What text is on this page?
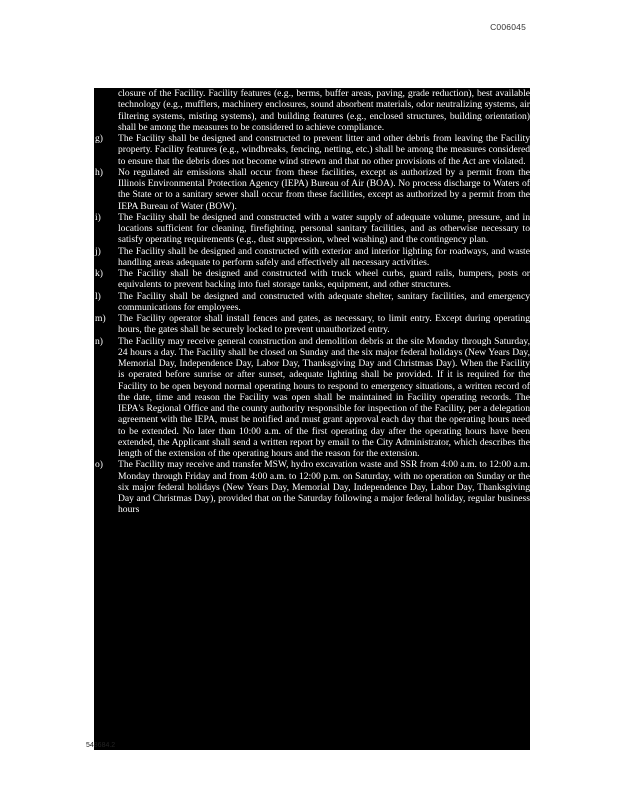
C006045
closure of the Facility. Facility features (e.g., berms, buffer areas, paving, grade reduction), best available technology (e.g., mufflers, machinery enclosures, sound absorbent materials, odor neutralizing systems, air filtering systems, misting systems), and building features (e.g., enclosed structures, building orientation) shall be among the measures to be considered to achieve compliance.
g) The Facility shall be designed and constructed to prevent litter and other debris from leaving the Facility property. Facility features (e.g., windbreaks, fencing, netting, etc.) shall be among the measures considered to ensure that the debris does not become wind strewn and that no other provisions of the Act are violated.
h) No regulated air emissions shall occur from these facilities, except as authorized by a permit from the Illinois Environmental Protection Agency (IEPA) Bureau of Air (BOA). No process discharge to Waters of the State or to a sanitary sewer shall occur from these facilities, except as authorized by a permit from the IEPA Bureau of Water (BOW).
i) The Facility shall be designed and constructed with a water supply of adequate volume, pressure, and in locations sufficient for cleaning, firefighting, personal sanitary facilities, and as otherwise necessary to satisfy operating requirements (e.g., dust suppression, wheel washing) and the contingency plan.
j) The Facility shall be designed and constructed with exterior and interior lighting for roadways, and waste handling areas adequate to perform safely and effectively all necessary activities.
k) The Facility shall be designed and constructed with truck wheel curbs, guard rails, bumpers, posts or equivalents to prevent backing into fuel storage tanks, equipment, and other structures.
l) The Facility shall be designed and constructed with adequate shelter, sanitary facilities, and emergency communications for employees.
m) The Facility operator shall install fences and gates, as necessary, to limit entry. Except during operating hours, the gates shall be securely locked to prevent unauthorized entry.
n) The Facility may receive general construction and demolition debris at the site Monday through Saturday, 24 hours a day. The Facility shall be closed on Sunday and the six major federal holidays (New Years Day, Memorial Day, Independence Day, Labor Day, Thanksgiving Day and Christmas Day). When the Facility is operated before sunrise or after sunset, adequate lighting shall be provided. If it is required for the Facility to be open beyond normal operating hours to respond to emergency situations, a written record of the date, time and reason the Facility was open shall be maintained in Facility operating records. The IEPA's Regional Office and the county authority responsible for inspection of the Facility, per a delegation agreement with the IEPA, must be notified and must grant approval each day that the operating hours need to be extended. No later than 10:00 a.m. of the first operating day after the operating hours have been extended, the Applicant shall send a written report by email to the City Administrator, which describes the length of the extension of the operating hours and the reason for the extension.
o) The Facility may receive and transfer MSW, hydro excavation waste and SSR from 4:00 a.m. to 12:00 a.m. Monday through Friday and from 4:00 a.m. to 12:00 p.m. on Saturday, with no operation on Sunday or the six major federal holidays (New Years Day, Memorial Day, Independence Day, Labor Day, Thanksgiving Day and Christmas Day), provided that on the Saturday following a major federal holiday, regular business hours
548684.2	6
